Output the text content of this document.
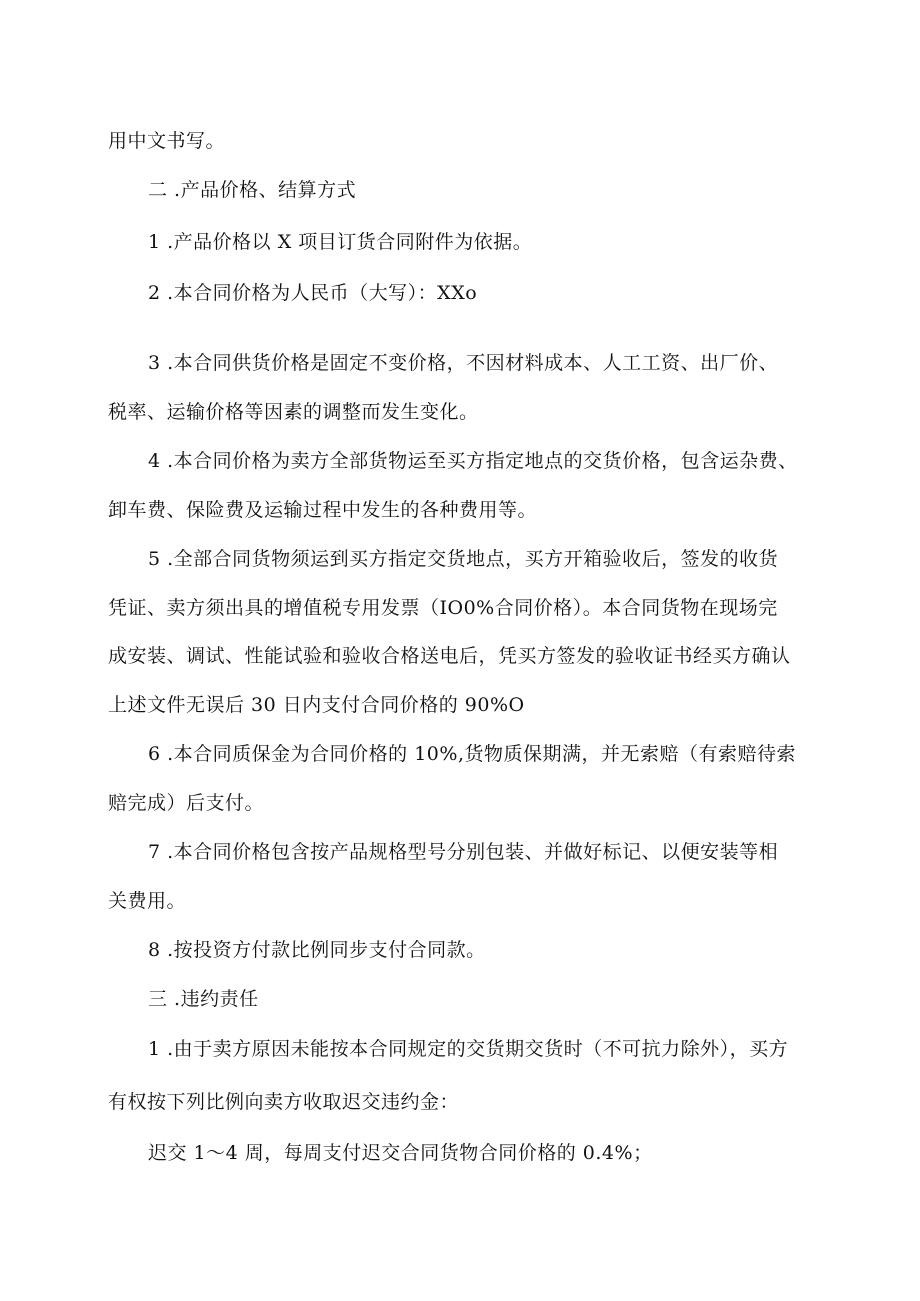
用中文书写。
二 .产品价格、结算方式
1 .产品价格以 X 项目订货合同附件为依据。
2 .本合同价格为人民币（大写）：XXo
3 .本合同供货价格是固定不变价格，不因材料成本、人工工资、出厂价、
税率、运输价格等因素的调整而发生变化。
4 .本合同价格为卖方全部货物运至买方指定地点的交货价格，包含运杂费、
卸车费、保险费及运输过程中发生的各种费用等。
5 .全部合同货物须运到买方指定交货地点，买方开箱验收后，签发的收货
凭证、卖方须出具的增值税专用发票（IO0%合同价格）。本合同货物在现场完
成安装、调试、性能试验和验收合格送电后，凭买方签发的验收证书经买方确认
上述文件无误后 30 日内支付合同价格的 90%O
6 .本合同质保金为合同价格的 10%,货物质保期满，并无索赔（有索赔待索
赔完成）后支付。
7 .本合同价格包含按产品规格型号分别包装、并做好标记、以便安装等相
关费用。
8 .按投资方付款比例同步支付合同款。
三 .违约责任
1 .由于卖方原因未能按本合同规定的交货期交货时（不可抗力除外），买方
有权按下列比例向卖方收取迟交违约金：
迟交 1～4 周，每周支付迟交合同货物合同价格的 0.4%；
